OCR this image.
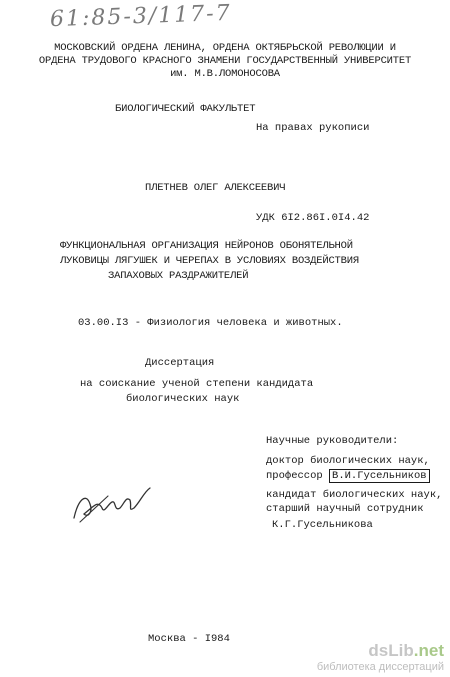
61:85-3/117-7
МОСКОВСКИЙ ОРДЕНА ЛЕНИНА, ОРДЕНА ОКТЯБРЬСКОЙ РЕВОЛЮЦИИ И
ОРДЕНА ТРУДОВОГО КРАСНОГО ЗНАМЕНИ ГОСУДАРСТВЕННЫЙ УНИВЕРСИТЕТ
им. М.В.ЛОМОНОСОВА
БИОЛОГИЧЕСКИЙ ФАКУЛЬТЕТ
На правах рукописи
ПЛЕТНЕВ ОЛЕГ АЛЕКСЕЕВИЧ
УДК 6I2.86I.0I4.42
ФУНКЦИОНАЛЬНАЯ ОРГАНИЗАЦИЯ НЕЙРОНОВ ОБОНЯТЕЛЬНОЙ
ЛУКОВИЦЫ ЛЯГУШЕК И ЧЕРЕПАХ В УСЛОВИЯХ ВОЗДЕЙСТВИЯ
ЗАПАХОВЫХ РАЗДРАЖИТЕЛЕЙ
03.00.I3 - Физиология человека и животных.
Диссертация
на соискание ученой степени кандидата
биологических наук
Научные руководители:
доктор биологических наук,
профессор В.И.Гусельников
кандидат биологических наук,
старший научный сотрудник
К.Г.Гусельникова
Москва - I984
dsLib.net
библиотека диссертаций
